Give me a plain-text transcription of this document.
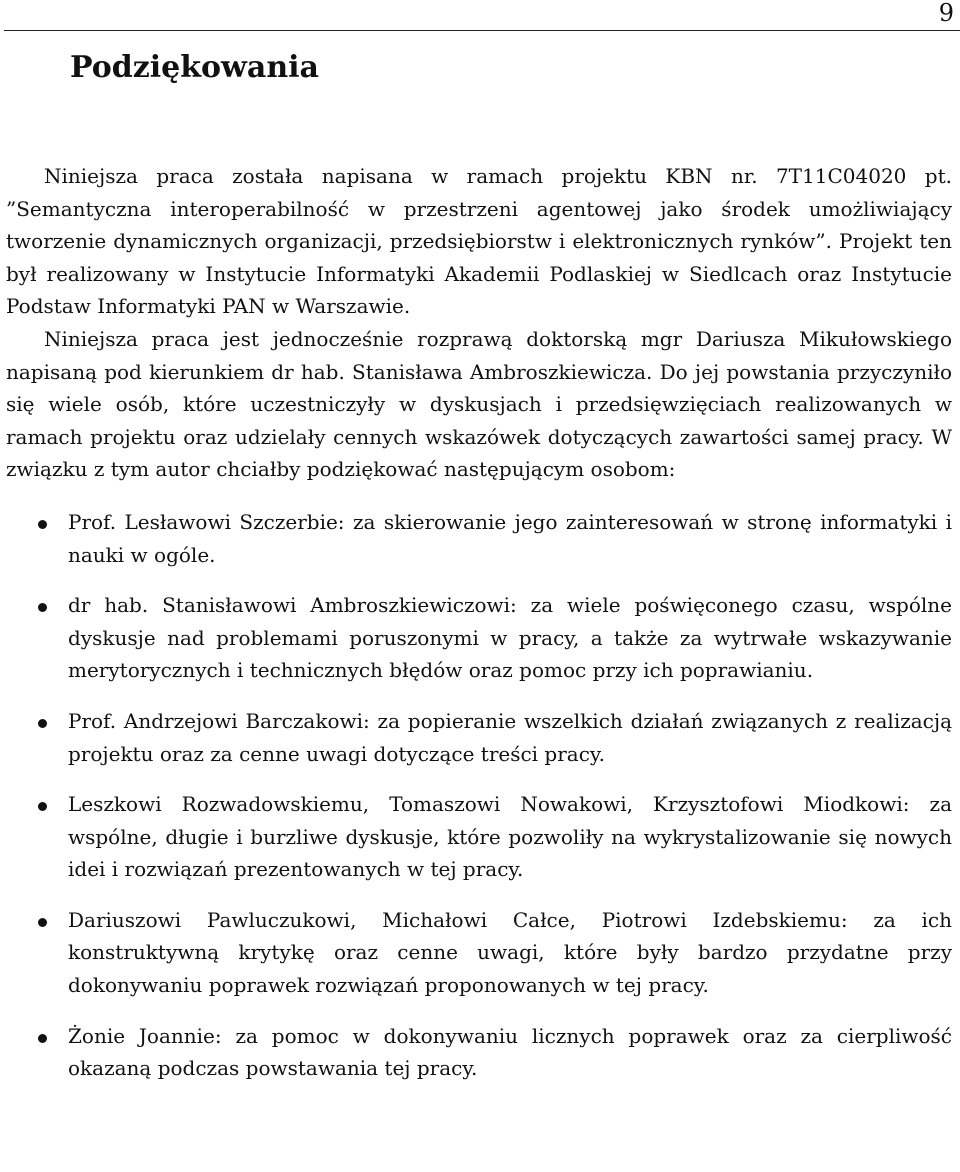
9
Podziękowania

Niniejsza praca została napisana w ramach projektu KBN nr. 7T11C04020 pt. ”Semantyczna interoperabilność w przestrzeni agentowej jako środek umożliwiający tworzenie dynamicznych organizacji, przedsiębiorstw i elektronicznych rynków”. Projekt ten był realizowany w Instytucie Informatyki Akademii Podlaskiej w Siedlcach oraz Instytucie Podstaw Informatyki PAN w Warszawie.

Niniejsza praca jest jednocześnie rozprawą doktorską mgr Dariusza Mikułowskiego napisaną pod kierunkiem dr hab. Stanisława Ambroszkiewicza. Do jej powstania przyczyniło się wiele osób, które uczestniczyły w dyskusjach i przedsięwzięciach realizowanych w ramach projektu oraz udzielały cennych wskazówek dotyczących zawartości samej pracy. W związku z tym autor chciałby podziękować następującym osobom:

Prof. Lesławowi Szczerbie: za skierowanie jego zainteresowań w stronę informatyki i nauki w ogóle.
dr hab. Stanisławowi Ambroszkiewiczowi: za wiele poświęconego czasu, wspólne dyskusje nad problemami poruszonymi w pracy, a także za wytrwałe wskazywanie merytorycznych i technicznych błędów oraz pomoc przy ich poprawianiu.
Prof. Andrzejowi Barczakowi: za popieranie wszelkich działań związanych z realizacją projektu oraz za cenne uwagi dotyczące treści pracy.
Leszkowi Rozwadowskiemu, Tomaszowi Nowakowi, Krzysztofowi Miodkowi: za wspólne, długie i burzliwe dyskusje, które pozwoliły na wykrystalizowanie się nowych idei i rozwiązań prezentowanych w tej pracy.
Dariuszowi Pawluczukowi, Michałowi Całce, Piotrowi Izdebskiemu: za ich konstruktywną krytykę oraz cenne uwagi, które były bardzo przydatne przy dokonywaniu poprawek rozwiązań proponowanych w tej pracy.
Żonie Joannie: za pomoc w dokonywaniu licznych poprawek oraz za cierpliwość okazaną podczas powstawania tej pracy.
